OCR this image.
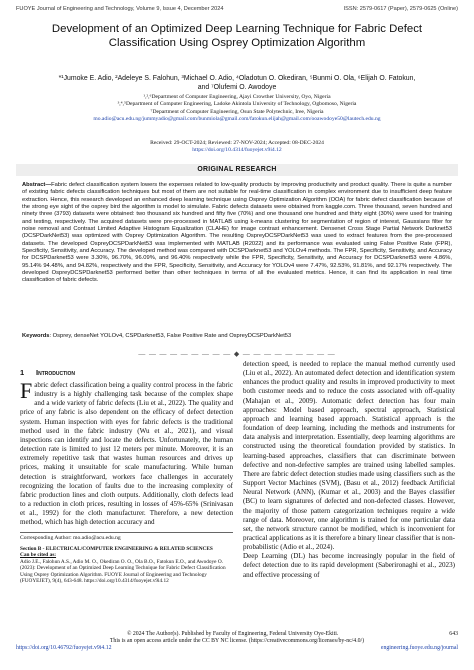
FUOYE Journal of Engineering and Technology, Volume 9, Issue 4, December 2024	ISSN: 2579-0617 (Paper), 2579-0625 (Online)
Development of an Optimized Deep Learning Technique for Fabric Defect
Classification Using Osprey Optimization Algorithm
*¹Jumoke E. Adio, ²Adeleye S. Falohun, ³Michael O. Adio, ⁴Oladotun O. Okediran, ⁵Bunmi O. Ola, ⁶Elijah O. Fatokun,
and ⁷Olufemi O. Awodoye
¹,²,⁶Department of Computer Engineering, Ajayi Crowther University, Oyo, Nigeria
³,⁴,⁵Department of Computer Engineering, Ladoke Akintola University of Technology, Ogbomoso, Nigeria
⁷Department of Computer Engineering, Osun State Polytechnic, Iree, Nigeria
mo.adio@acu.edu.ng/jummyadio@gmail.com/bunmiola@gmail.com/fatokun.elijah@gmail.com/ooawodoye50@lautech.edu.ng
Received: 29-OCT-2024; Reviewed: 27-NOV-2024; Accepted: 08-DEC-2024
https://doi.org/10.4314/fuoyejet.v9i4.12
ORIGINAL RESEARCH
Abstract—Fabric defect classification system lowers the expenses related to low-quality products by improving productivity and product quality. There is quite a number of existing fabric defects classification techniques but most of them are not suitable for real-time classification in complex environment due to insufficient deep feature extraction. Hence, this research developed an enhanced deep learning technique using Osprey Optimization Algorithm (OOA) for fabric defect classification because of the strong eye sight of the osprey bird the algorithm is model to simulate. Fabric defects datasets were obtained from kaggle.com. Three thousand, seven hundred and ninety three (3793) datasets were obtained: two thousand six hundred and fifty five (70%) and one thousand one hundred and thirty eight (30%) were used for training and testing, respectively. The acquired datasets were pre-processed in MATLAB using k-means clustering for segmentation of region of interest, Gaussians filter for noise removal and Contrast Limited Adaptive Histogram Equalization (CLAHE) for image contrast enhancement. Densenet Cross Stage Partial Network Darknet53 (DCSPDarkNet53) was optimized with Osprey Optimization Algorithm. The resulting OspreyDCSPDarkNet53 was used to extract features from the pre-processed datasets. The developed OspreyDCSPDarkNet53 was implemented with MATLAB (R2022) and its performance was evaluated using False Positive Rate (FPR), Specificity, Sensitivity, and Accuracy. The developed method was compared with DCSPDarknet53 and YOLOv4 methods. The FPR, Specificity, Sensitivity, and Accuracy for DCSPDarknet53 were 3.30%, 96.70%, 96.09%, and 96.40% respectively while the FPR, Specificity, Sensitivity, and Accuracy for DCSPDarknet53 were 4.86%, 95.14% 94.48%, and 94.82%, respectively and the FPR, Specificity, Sensitivity, and Accuracy for YOLOv4 were 7.47%, 92.53%, 91.81%, and 92.17% respectively. The developed OspreyDCSPDarknet53 performed better than other techniques in terms of all the evaluated metrics. Hence, it can find its application in real time classification of fabric defects.
Keywords: Osprey, denseNet YOLOv4, CSPDarknet53, False Positive Rate and OspreyDCSPDarkNet53
— — — — — — — — — ◆ — — — — — — — — —
1 Introduction
Fabric defect classification being a quality control process in the fabric industry is a highly challenging task because of the complex shape and a wide variety of fabric defects (Liu et al., 2022). The quality and price of any fabric is also dependent on the efficacy of defect detection system. Human inspection with eyes for fabric defects is the traditional method used in the fabric industry (Wu et al., 2021), and visual inspections can identify and locate the defects. Unfortunately, the human detection rate is limited to just 12 meters per minute. Moreover, it is an extremely repetitive task that wastes human resources and drives up prices, making it unsuitable for scale manufacturing. While human detection is straightforward, workers face challenges in accurately recognizing the location of faults due to the increasing complexity of fabric production lines and cloth outputs. Additionally, cloth defects lead to a reduction in cloth prices, resulting in losses of 45%-65% (Srinivasan et al., 1992) for the cloth manufacturer. Therefore, a new detection method, which has high detection accuracy and
Corresponding Author: mo.adio@acu.edu.ng
Section B - ELECTRICAL/COMPUTER ENGINEERING & RELATED SCIENCES
Can be cited as:
Adio J.E., Falohun A.S., Adio M. O., Okediran O. O., Ola B.O., Fatokun E.O., and Awodoye O. (2023): Development of an Optimized Deep Learning Technique for Fabric Defect Classification Using Osprey Optimization Algorithm. FUOYE Journal of Engineering and Technology (FUOYEJET), 9(4), 643-648. https://doi.org/10.4314/fuoyejet.v9i4.12
detection speed, is needed to replace the manual method currently used (Liu et al., 2022). An automated defect detection and identification system enhances the product quality and results in improved productivity to meet both customer needs and to reduce the costs associated with off-quality (Mahajan et al., 2009). Automatic defect detection has four main approaches: Model based approach, spectral approach, Statistical approach and learning based approach. Statistical approach is the foundation of deep learning, including the methods and instruments for data analysis and interpretation. Essentially, deep learning algorithms are constructed using the theoretical foundation provided by statistics. In learning-based approaches, classifiers that can discriminate between defective and non-defective samples are trained using labelled samples. There are fabric defect detection studies made using classifiers such as the Support Vector Machines (SVM), (Basu et al., 2012) feedback Artificial Neural Network (ANN), (Kumar et al., 2003) and the Bayes classifier (BC) to learn signatures of defected and non-defected classes. However, the majority of those pattern categorization techniques require a wide range of data. Moreover, one algorithm is trained for one particular data set, the network structure cannot be modified, which is inconvenient for practical applications as it is therefore a binary linear classifier that is non-probabilistic (Adio et al., 2024).
Deep Learning (DL) has become increasingly popular in the field of defect detection due to its rapid development (Saberironaghi et al., 2023) and effective processing of
© 2024 The Author(s). Published by Faculty of Engineering, Federal University Oye-Ekiti.	643
This is an open access article under the CC BY NC license. (https://creativecommons.org/licenses/by-nc/4.0/)
https://doi.org/10.46792/fuoyejet.v9i4.12	engineering.fuoye.edu.ng/journal
